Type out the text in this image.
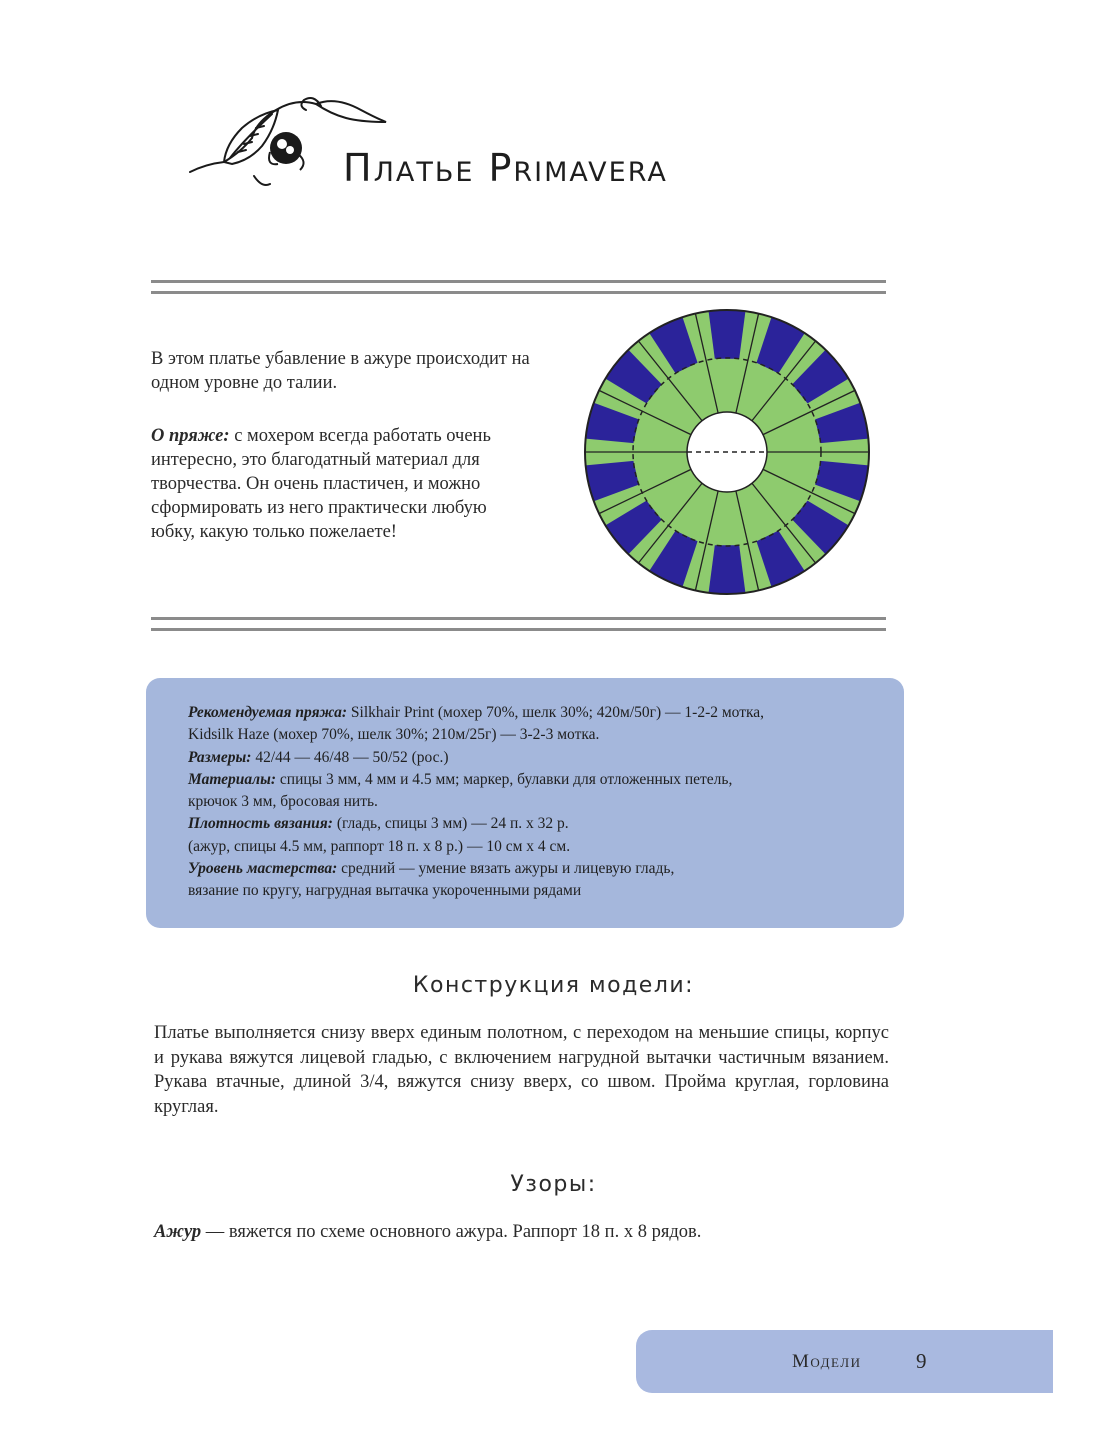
Платье Primavera

В этом платье убавление в ажуре происходит на одном уровне до талии.

О пряже: с мохером всегда работать очень интересно, это благодатный материал для творчества. Он очень пластичен, и можно сформировать из него практически любую юбку, какую только пожелаете!

Рекомендуемая пряжа: Silkhair Print (мохер 70%, шелк 30%; 420м/50г) — 1-2-2 мотка,
Kidsilk Haze (мохер 70%, шелк 30%; 210м/25г) — 3-2-3 мотка.
Размеры: 42/44 — 46/48 — 50/52 (рос.)
Материалы: спицы 3 мм, 4 мм и 4.5 мм; маркер, булавки для отложенных петель,
крючок 3 мм, бросовая нить.
Плотность вязания: (гладь, спицы 3 мм) — 24 п. х 32 р.
(ажур, спицы 4.5 мм, раппорт 18 п. х 8 р.) — 10 см х 4 см.
Уровень мастерства: средний — умение вязать ажуры и лицевую гладь,
вязание по кругу, нагрудная вытачка укороченными рядами
Конструкция модели:

Платье выполняется снизу вверх единым полотном, с переходом на меньшие спицы, корпус и рукава вяжутся лицевой гладью, с включением нагрудной вытачки частичным вязанием. Рукава втачные, длиной 3/4, вяжутся снизу вверх, со швом. Пройма круглая, горловина круглая.

Узоры:

Ажур — вяжется по схеме основного ажура. Раппорт 18 п. х 8 рядов.

Модели	9
